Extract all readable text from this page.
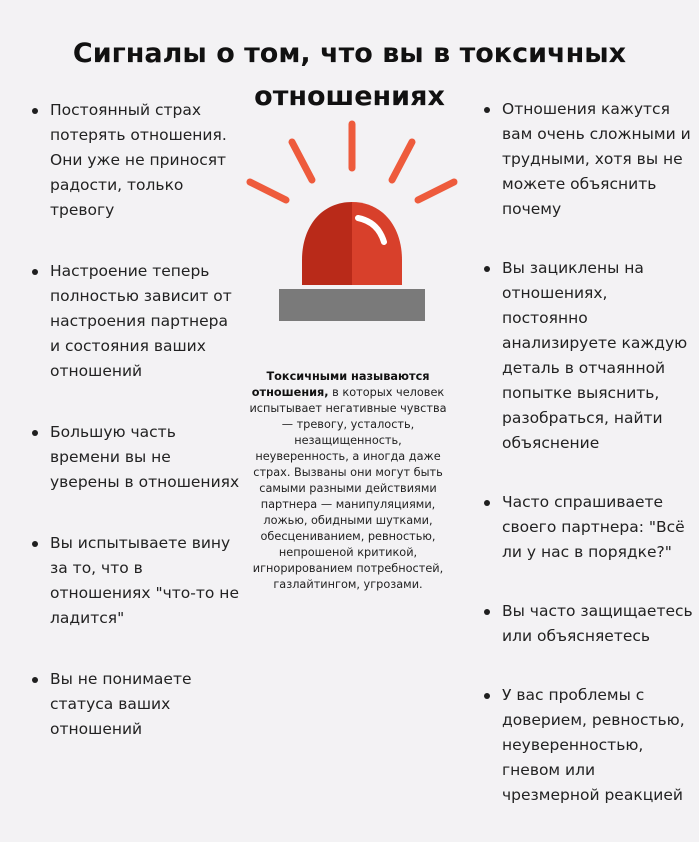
Сигналы о том, что вы в токсичных
отношениях
Постоянный страх потерять отношения. Они уже не приносят радости, только тревогу
Настроение теперь полностью зависит от настроения партнера и состояния ваших отношений
Большую часть времени вы не уверены в отношениях
Вы испытываете вину за то, что в отношениях "что-то не ладится"
Вы не понимаете статуса ваших отношений
Токсичными называются отношения, в которых человек испытывает негативные чувства — тревогу, усталость, незащищенность, неуверенность, а иногда даже страх. Вызваны они могут быть самыми разными действиями партнера — манипуляциями, ложью, обидными шутками, обесцениванием, ревностью, непрошеной критикой, игнорированием потребностей, газлайтингом, угрозами.
Отношения кажутся вам очень сложными и трудными, хотя вы не можете объяснить почему
Вы зациклены на отношениях, постоянно анализируете каждую деталь в отчаянной попытке выяснить, разобраться, найти объяснение
Часто спрашиваете своего партнера: "Всё ли у нас в порядке?"
Вы часто защищаетесь или объясняетесь
У вас проблемы с доверием, ревностью, неуверенностью, гневом или чрезмерной реакцией
